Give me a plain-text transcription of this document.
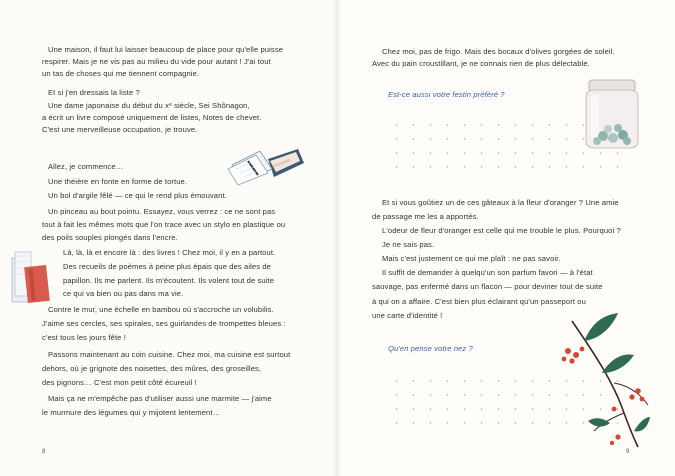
Une maison, il faut lui laisser beaucoup de place pour qu'elle puisse

respirer. Mais je ne vis pas au milieu du vide pour autant ! J'ai tout

un tas de choses qui me tiennent compagnie.

Et si j'en dressais la liste ?

Une dame japonaise du début du xᵉ siècle, Sei Shônagon,

a écrit un livre composé uniquement de listes, Notes de chevet.

C'est une merveilleuse occupation, je trouve.

Allez, je commence…

Une théière en fonte en forme de tortue.

Un bol d'argile fêlé — ce qui le rend plus émouvant.

Un pinceau au bout pointu. Essayez, vous verrez : ce ne sont pas

tout à fait les mêmes mots que l'on trace avec un stylo en plastique ou

des poils souples plongés dans l'encre.

Là, là, là et encore là : des livres ! Chez moi, il y en a partout.

Des recueils de poèmes à peine plus épais que des ailes de

papillon. Ils me parlent. Ils m'écoutent. Ils volent tout de suite

ce qui va bien ou pas dans ma vie.

Contre le mur, une échelle en bambou où s'accroche un volubilis.

J'aime ses cercles, ses spirales, ses guirlandes de trompettes bleues :

c'est tous les jours fête !

Passons maintenant au coin cuisine. Chez moi, ma cuisine est surtout

dehors, où je grignote des noisettes, des mûres, des groseilles,

des pignons… C'est mon petit côté écureuil !

Mais ça ne m'empêche pas d'utiliser aussi une marmite — j'aime

le murmure des légumes qui y mijotent lentement…

8

Chez moi, pas de frigo. Mais des bocaux d'olives gorgées de soleil.

Avec du pain croustillant, je ne connais rien de plus délectable.

Est-ce aussi votre festin préféré ?

Et si vous goûtiez un de ces gâteaux à la fleur d'oranger ? Une amie

de passage me les a apportés.

L'odeur de fleur d'oranger est celle qui me trouble le plus. Pourquoi ?

Je ne sais pas.

Mais c'est justement ce qui me plaît : ne pas savoir.

Il suffit de demander à quelqu'un son parfum favori — à l'état

sauvage, pas enfermé dans un flacon — pour deviner tout de suite

à qui on a affaire. C'est bien plus éclairant qu'un passeport ou

une carte d'identité !

Qu'en pense votre nez ?

9
